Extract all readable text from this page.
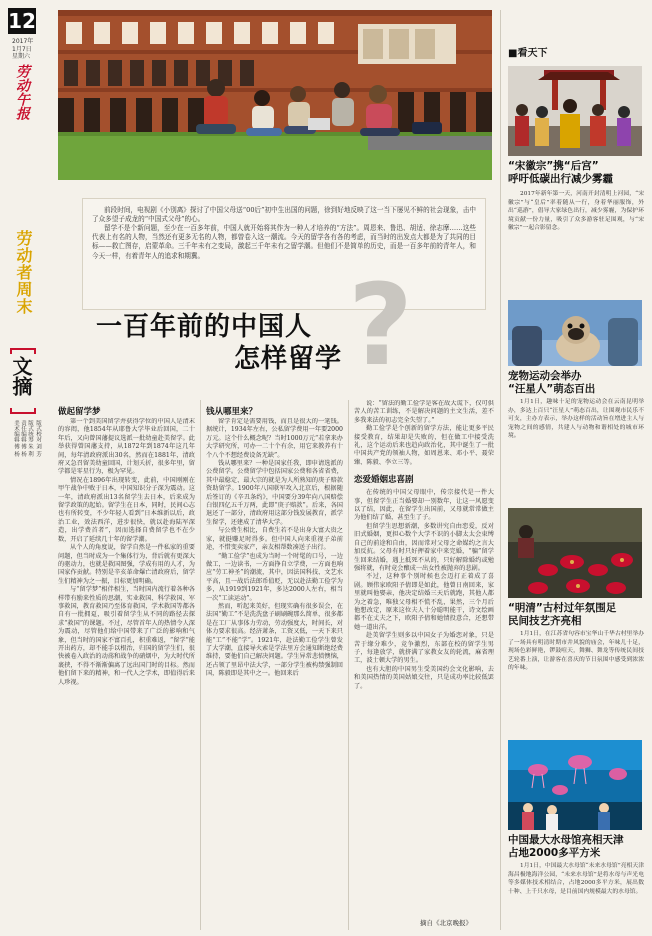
12
2017年
1月7日
星期六
劳动午报
劳动者周末
文摘
版式统筹 朱 利
责任编辑 傅 杨
美术编辑 傅 杨	版式校对 刘 芳
前段时间，电视剧《小别离》探讨了中国父母送“00后”初中生出国的问题，徐到好地反映了这一当下屡见不鲜的社会现象，击中了众多望子成龙的“中国式父母”的心。
留学不是个新问题，至少在一百多年前，中国人就开始将其作为一种人才培养的“方法”。周恩来、鲁迅、胡适、徐志摩……这些代表上有名的人物，当然还有更多无名的人物，都曾卷入这一潮流。今天的留学各有各的考虑，而当时的出发点大都是为了共同的目标——救亡图存，启蒙革命。三千年未有之变局，激起三千年未有之留学潮。但他们不是简单的历史，而是一百多年前的青年人，和今天一样，有着青年人的追求和期冀。
?
一百年前的中国人
怎样留学
做起留学梦

第一个到美国留学并获得学位的中国人是清末的容闳，他1854年从耶鲁大学毕业后回国，二十年后，又向曾国藩提议选派一批幼童赴美留学。此举获得曾国藩支持，从1872年到1874年这几年间，每年清政府派出30名，然而在1881年，清政府又急召留美幼童回国，计划夭折，很多年里，留学都是零星行为，极为罕见。

情况在1896年出现转变，此前，中国刚刚在甲午战争中败于日本，中国知识分子深为震动。这一年，清政府派出13名留学生去日本，后来成为留学政策的起始。留学生在日本，同时，民间心志也有所转变，不少年轻人看到“日本维新以后，政治工业，效法西洋，进步很快，就以赴海陆军深造，出学费首者”，因而选择自费留学也不在少数，开启了延续几十年的留学潮。

从个人的角度说，留学自然是一件私家的重要问题，但当时成为一个集体行为，背后就有更深大的驱动力，也就是救国图强，学成有用的人才，为国家作贡献。特别是辛亥革命爆亡清政府后，留学生们精神为之一振，目标更加明确。

与“留学梦”相伴相生，当时国内流行着各种各样带有励来性质的思潮，实业救国、科学救国、军事救国，教育救国乃至体育救国，学术救国等都各自有一批拥趸，吸引着留学生从不同的路径去探求“救国”的课题。不过，尽管首年人的热情令人深为震动，尽管他们给中国带来了广泛的影响和气象，但当时的国家不富百孔，积重难返，“留学”能开出药方，却不能手以根治，归国的留学生们，很快被卷入政治的动荡和战争的硝烟中，为大时代所裹挟，不得不渐渐偏离了远出国门时的目标。然而他们留下来的精神，和一代人之学术，即值得后来人珍视。

钱从哪里来？

留学肯定是需要用钱，而且是很大的一笔钱。据统计，1934年左右，公私留学费用一年要2000万元。这个什么概念呢？当时1000万元“若拿来办大学研究所，可办一二十个有余，用它来教养有十个八个不想经费设备无缺”。

钱从哪里来？一种是国家任我，即申请选派的公费留学。公费留学中包括国家公费和各省省费，其中最稳定、最大宗的就是为人所熟知的庚子赔款资助留学。1900年八国联军攻入北京后，根据随后签订的《辛丑条约》，中国要分39年向八国赔偿白银四亿五千万两，此即“庚子赔款”。后来，各国退还了一部分，清政府用这部分钱发展教育，派学生留学，还建成了清华大学。

与公费生相比，自费生若不是出身大富大贵之家，就挺赚足时得多。但中国人向来重视子弟前途，不惜变卖家产，亲友相帮数凑送子出行。

“勤工俭学”也成为当时一个时髦的口号，一边做工，一边读书，一方面挣自立学费，一方面也响应“劳工神圣”的潮流，其中，因法国科技、文艺水平高，且一战后法郎币值贬，无以赴法勤工俭学为多，从1919到1921年，多达2000人左右，相当一次“工读运动”。

然而，听起来美好，但现实确有很多误会，在法国“勤工”不是洗洗盘子刷刷碗那么简单，很多都是在工厂从事体力劳动，劳动强度大，时间长，对体力要求很高。经济萧条，工资又低，一天下来只能“工”不能“学”。1921年，赴法勤工俭学生曾发了大学潮，直接导火索是学法里方会通知断绝经费维持，要他们自己解决问题。学生异常悲愤懊恼，还占领了里昂中法大学，一部分学生被构禁强制回国，陈毅即是其中之一。他回来后

说：“留法的勤工俭学是客在故大谎下，仅可供苦人的苦工训练，不是解决问题的主文生活，差不多我来法的初志完全失望了。”

勤工俭学是个创新的留学方法，能让更多平民接受教育，结果却是失败的，但在做工中接受洗礼，这个运动后来也趋向政治化，其中诞生了一批中国共产党的领袖人物，如周恩来、邓小平、聂荣臻、陈毅、李立三等。

恋爱婚姻忠喜剧

在传统的中国父母眼中，传宗接代是一件大事，但留学生正当婚娶却一别数年，让这一风愿变以了结，因此，在留学生出国前，又母就常常做主为他们结了婚，甚至生了子。

但留学生思想新潮，多数讲究自由恋爱，反对旧式婚姻，更担心数个大学不识的小脚太太会束缚自己的前途和自由，因而常对父母之命媒约之言大加反抗。父母有时只好押着家中来完婚，“骗”留学生回来结婚，遇上抵死不从的，只好解除婚约或勉强将就，有时竟会酿成一出女性被抛弃的悲剧。

不过，这种事个别时候也会迈打正着成了喜剧。顾伟家欧阳予倩即是如此，他曾日南回来，家里就叫他娶亲，他决定结婚三天后就跑，其他人都为之着急，唯独父母相不慌不乱，果然，三个月后他想改定，原来这位夫人十分聪明能干，诗文绘画都不在丈夫之下，欧阳予倩和她情投意合，还想带她一道出洋。

赴美留学生则多以中国女子为婚恋对象，只是苦于缘分难少，竞争激烈，东部在校的留学生男子，每逢放学，就挤满了家教女友的轮流，麻省理工，波士顿大学的男生。

也有大胆的中国男生受美国约会文化影响，去和美国热情的美国姑娘交往，只是成功率比较低罢了。

摘自《北京晚报》
■看天下
“宋徽宗”携“后宫”
呼吁低碳出行减少雾霾
2017年新年第一天，河南开封清明上河园，“宋徽宗”与“皇后”率着随从一行，身着华丽服饰，外出“巡游”，倡导大家绿色出行，减少雾霾，为保护环境贡献一份力量，吸引了众多游客驻足围观，与“宋徽宗”一起合影留念。
宠物运动会举办
“汪星人”萌态百出
1月1日，趣味十足的宠物运动会在云南昆明举办，多达上百只“汪星人”萌态百出，让围观市民乐不可支，主办方表示，举办这样的活动旨在增进主人与宠物之间的感情，共建人与动物和谐相处的城市环境。
“明清”古村过年氛围足
民间技艺齐亮相
1月1日，在江苏省句容市宝华山千华古村里举办了一场具有明清时期市井风貌的庙会，年味儿十足，现场色彩鲜艳，锣鼓喧天，舞狮、舞龙等传统民间技艺轮番上演，让游客在喜庆的节日氛围中感受到浓浓的年味。
中国最大水母馆亮相天津
占地2000多平方米
1月1日，中国最大水母馆“未来水母馆”亮相天津海昌极地海洋公园，“未来水母馆”是将水母与声光电等多媒体技术相结合，占地2000多平方米，展出数十种、上千只水母，是目前国内规模最大的水母馆。
